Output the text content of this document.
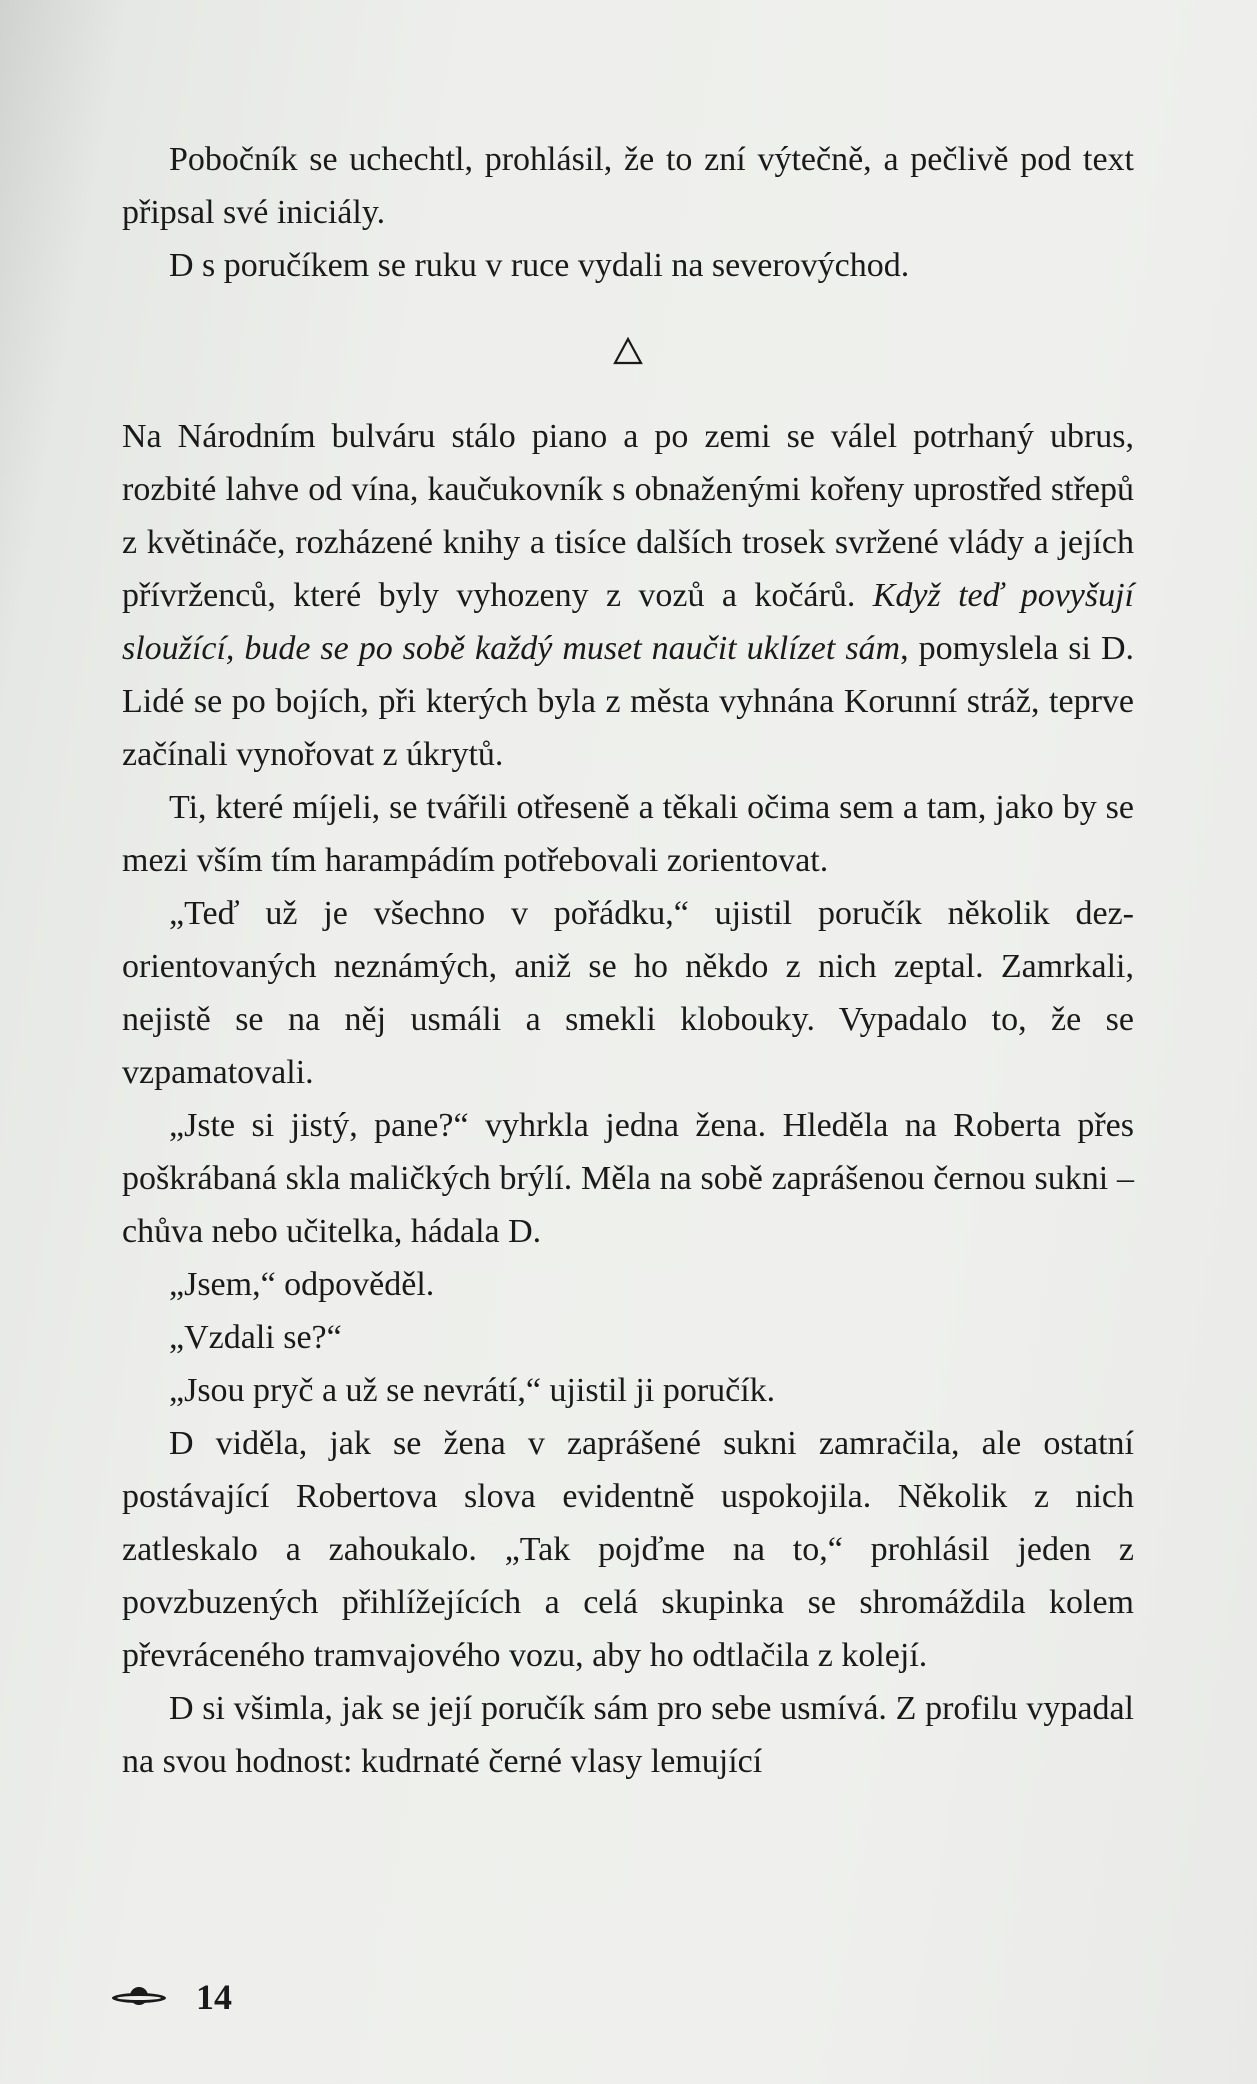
Pobočník se uchechtl, prohlásil, že to zní výtečně, a pečlivě pod text připsal své iniciály.

D s poručíkem se ruku v ruce vydali na severovýchod.

Na Národním bulváru stálo piano a po zemi se válel potrhaný ubrus, rozbité lahve od vína, kaučukovník s obnaženými kořeny uprostřed střepů z květináče, rozházené knihy a tisíce dalších trosek svržené vlády a jejích přívrženců, které byly vyhozeny z vozů a kočárů. Když teď povyšují sloužící, bude se po sobě každý muset naučit uklízet sám, pomyslela si D. Lidé se po bojích, při kterých byla z města vyhnána Korunní stráž, teprve začínali vynořovat z úkrytů.

Ti, které míjeli, se tvářili otřeseně a těkali očima sem a tam, jako by se mezi vším tím harampádím potřebovali zorientovat.

„Teď už je všechno v pořádku,“ ujistil poručík několik dezorientovaných neznámých, aniž se ho někdo z nich zeptal. Zamrkali, nejistě se na něj usmáli a smekli klobouky. Vypadalo to, že se vzpamatovali.

„Jste si jistý, pane?“ vyhrkla jedna žena. Hleděla na Roberta přes poškrábaná skla maličkých brýlí. Měla na sobě zaprášenou černou sukni – chůva nebo učitelka, hádala D.

„Jsem,“ odpověděl.

„Vzdali se?“

„Jsou pryč a už se nevrátí,“ ujistil ji poručík.

D viděla, jak se žena v zaprášené sukni zamračila, ale ostatní postávající Robertova slova evidentně uspokojila. Několik z nich zatleskalo a zahoukalo. „Tak pojďme na to,“ prohlásil jeden z povzbuzených přihlížejících a celá skupinka se shromáždila kolem převráceného tramvajového vozu, aby ho odtlačila z kolejí.

D si všimla, jak se její poručík sám pro sebe usmívá. Z profilu vypadal na svou hodnost: kudrnaté černé vlasy lemující

14
